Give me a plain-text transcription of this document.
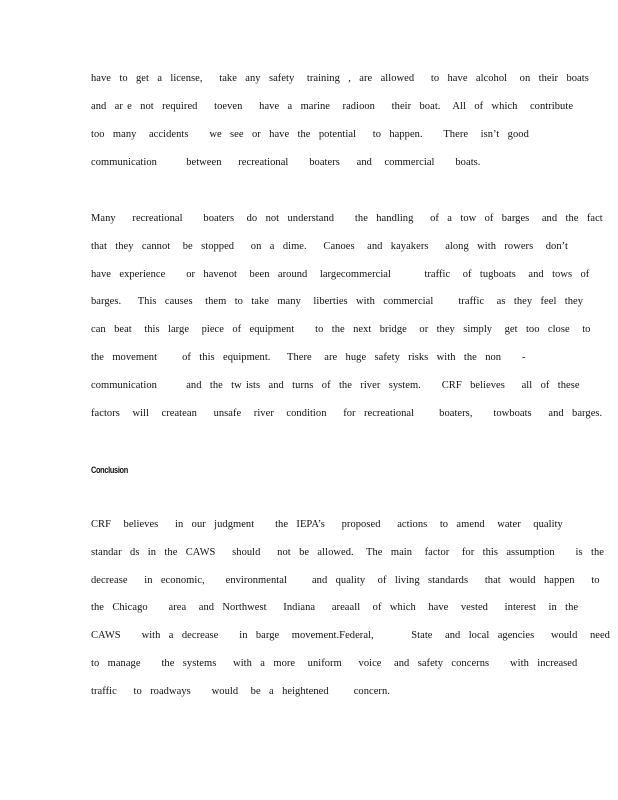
have  to  get  a  license,    take  any  safety   training  ,  are  allowed    to  have  alcohol   on  their  boats
and  ar e  not  required    toeven    have  a  marine   radioon    their  boat.   All  of  which   contribute
too  many   accidents     we  see  or  have  the  potential    to  happen.     There   isn’t  good
communication       between    recreational     boaters    and   commercial     boats.
Many    recreational     boaters   do  not  understand     the  handling    of  a  tow  of  barges   and  the  fact
that  they  cannot   be  stopped    on  a  dime.    Canoes   and  kayakers    along  with  rowers   don’t
have  experience     or  havenot   been  around   largecommercial        traffic   of  tugboats   and  tows  of
barges.    This  causes   them  to  take  many   liberties  with  commercial      traffic   as  they  feel  they
can  beat   this  large   piece  of  equipment     to  the  next  bridge   or  they  simply   get  too  close   to
the  movement      of  this  equipment.    There   are  huge  safety  risks  with  the  non     -
communication       and  the  tw ists  and  turns  of  the  river  system.     CRF  believes    all  of  these
factors   will   createan    unsafe   river   condition    for  recreational      boaters,     towboats    and  barges.
Conclusion
CRF   believes    in  our  judgment     the  IEPA’s    proposed    actions   to  amend   water   quality
standar  ds  in  the  CAWS    should    not  be  allowed.   The  main   factor   for  this  assumption     is  the
decrease    in  economic,     environmental      and  quality   of  living  standards    that  would  happen    to
the  Chicago     area   and  Northwest    Indiana    areaall   of  which   have   vested    interest   in  the
CAWS     with  a  decrease     in  barge   movement.Federal,         State   and  local  agencies    would   need
to  manage     the  systems    with  a  more   uniform    voice   and  safety  concerns     with  increased
traffic    to  roadways     would   be  a  heightened      concern.
